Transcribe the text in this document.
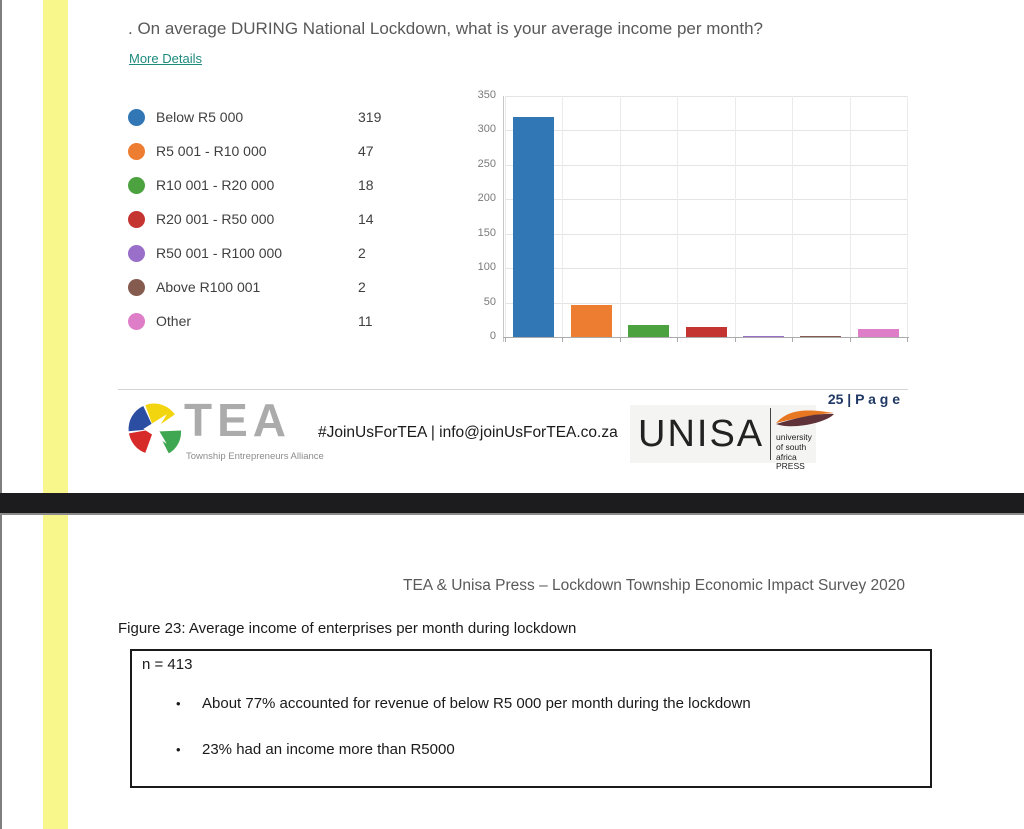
. On average DURING National Lockdown, what is your average income per month?
More Details
Below R5 000	319
R5 001 - R10 000	47
R10 001 - R20 000	18
R20 001 - R50 000	14
R50 001 - R100 000	2
Above R100 001	2
Other	11
0
50
100
150
200
250
300
350
25 | P a g e
TEA
Township Entrepreneurs Alliance
#JoinUsForTEA | info@joinUsForTEA.co.za UNISA university
of south africa
PRESS
TEA & Unisa Press – Lockdown Township Economic Impact Survey 2020
Figure 23: Average income of enterprises per month during lockdown
n = 413
• About 77% accounted for revenue of below R5 000 per month during the lockdown
• 23% had an income more than R5000
